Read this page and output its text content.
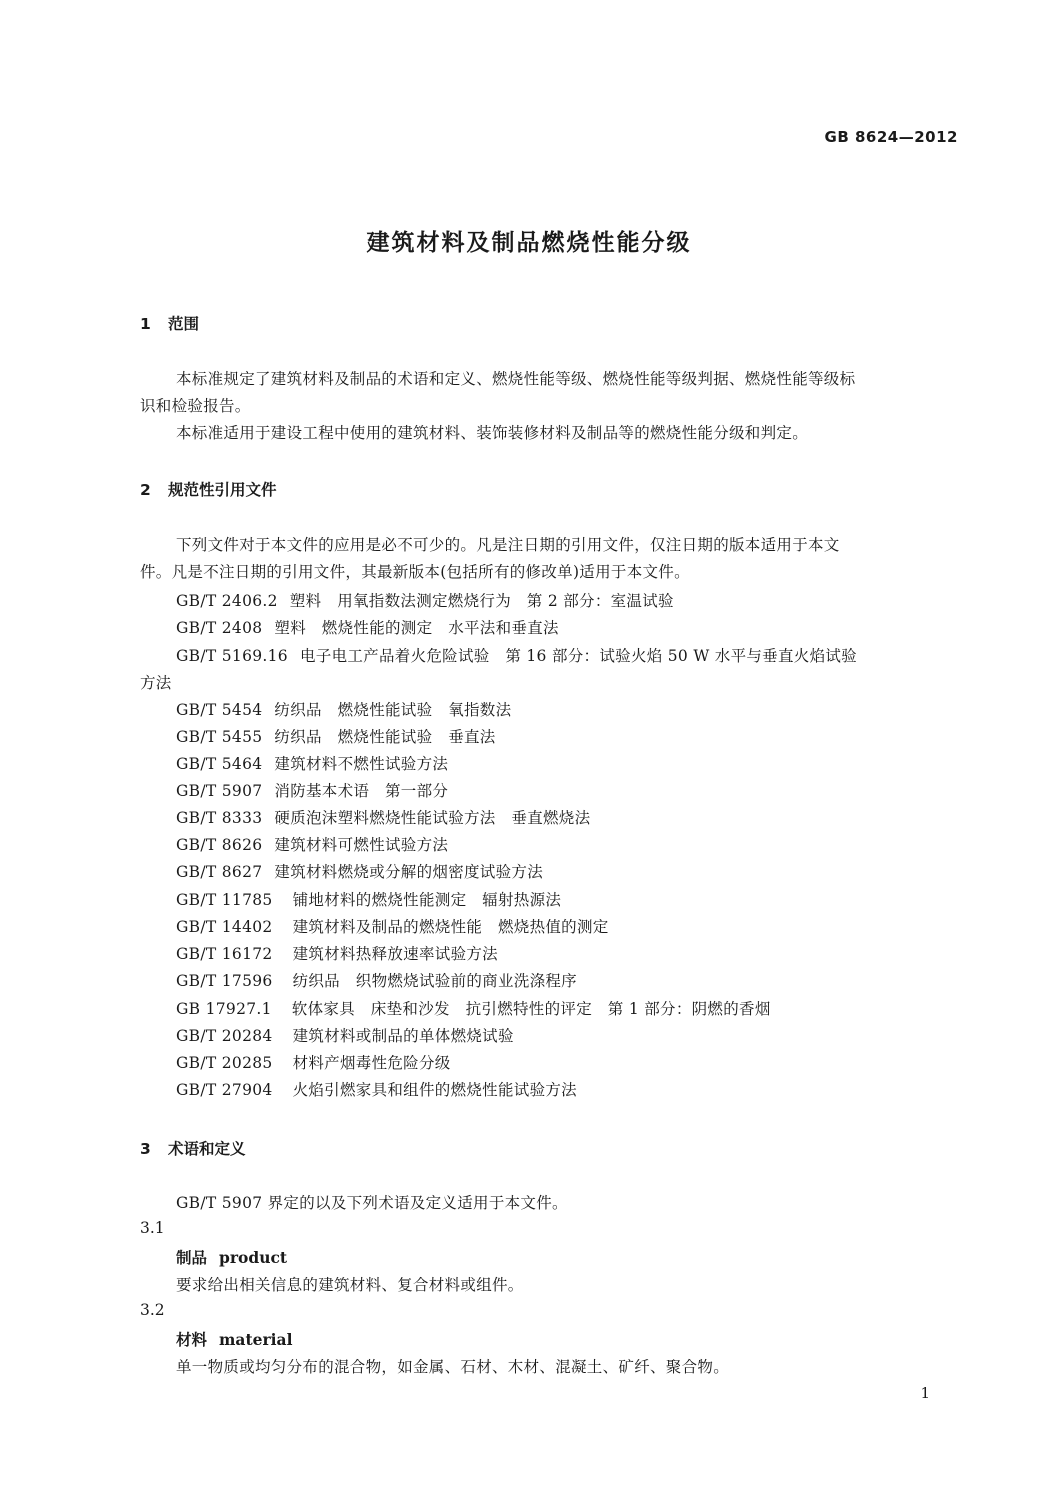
GB 8624—2012
建筑材料及制品燃烧性能分级
1 范围
本标准规定了建筑材料及制品的术语和定义、燃烧性能等级、燃烧性能等级判据、燃烧性能等级标
识和检验报告。
本标准适用于建设工程中使用的建筑材料、装饰装修材料及制品等的燃烧性能分级和判定。
2 规范性引用文件
下列文件对于本文件的应用是必不可少的。凡是注日期的引用文件，仅注日期的版本适用于本文
件。凡是不注日期的引用文件，其最新版本(包括所有的修改单)适用于本文件。
GB/T 2406.2 塑料　用氧指数法测定燃烧行为　第 2 部分：室温试验
GB/T 2408 塑料　燃烧性能的测定　水平法和垂直法
GB/T 5169.16 电子电工产品着火危险试验　第 16 部分：试验火焰 50 W 水平与垂直火焰试验
方法
GB/T 5454 纺织品　燃烧性能试验　氧指数法
GB/T 5455 纺织品　燃烧性能试验　垂直法
GB/T 5464 建筑材料不燃性试验方法
GB/T 5907 消防基本术语　第一部分
GB/T 8333 硬质泡沫塑料燃烧性能试验方法　垂直燃烧法
GB/T 8626 建筑材料可燃性试验方法
GB/T 8627 建筑材料燃烧或分解的烟密度试验方法
GB/T 11785 铺地材料的燃烧性能测定　辐射热源法
GB/T 14402 建筑材料及制品的燃烧性能　燃烧热值的测定
GB/T 16172 建筑材料热释放速率试验方法
GB/T 17596 纺织品　织物燃烧试验前的商业洗涤程序
GB 17927.1 软体家具　床垫和沙发　抗引燃特性的评定　第 1 部分：阴燃的香烟
GB/T 20284 建筑材料或制品的单体燃烧试验
GB/T 20285 材料产烟毒性危险分级
GB/T 27904 火焰引燃家具和组件的燃烧性能试验方法
3 术语和定义
GB/T 5907 界定的以及下列术语及定义适用于本文件。
3.1
制品 product
要求给出相关信息的建筑材料、复合材料或组件。
3.2
材料 material
单一物质或均匀分布的混合物，如金属、石材、木材、混凝土、矿纤、聚合物。
1
